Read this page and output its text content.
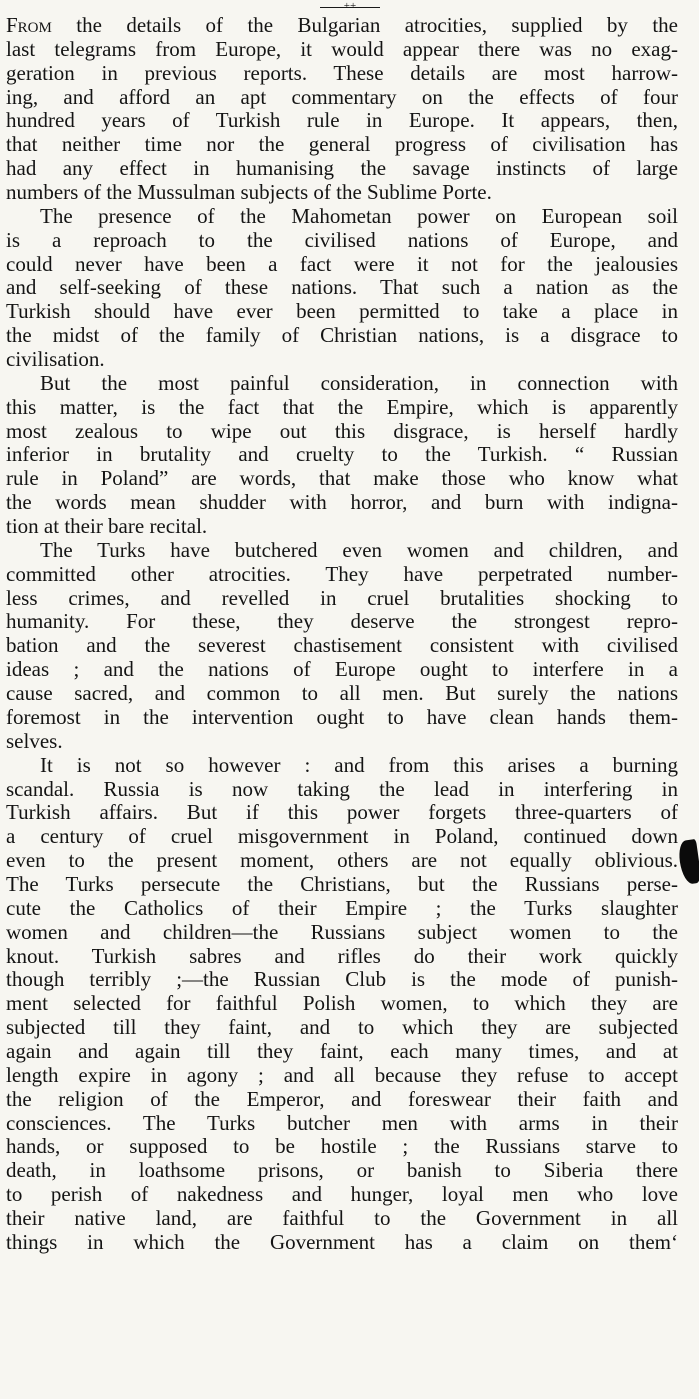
++
From the details of the Bulgarian atrocities, supplied by the
last telegrams from Europe, it would appear there was no exag-
geration in previous reports. These details are most harrow-
ing, and afford an apt commentary on the effects of four
hundred years of Turkish rule in Europe. It appears, then,
that neither time nor the general progress of civilisation has
had any effect in humanising the savage instincts of large
numbers of the Mussulman subjects of the Sublime Porte.
The presence of the Mahometan power on European soil
is a reproach to the civilised nations of Europe, and
could never have been a fact were it not for the jealousies
and self-seeking of these nations. That such a nation as the
Turkish should have ever been permitted to take a place in
the midst of the family of Christian nations, is a disgrace to
civilisation.
But the most painful consideration, in connection with
this matter, is the fact that the Empire, which is apparently
most zealous to wipe out this disgrace, is herself hardly
inferior in brutality and cruelty to the Turkish. “ Russian
rule in Poland” are words, that make those who know what
the words mean shudder with horror, and burn with indigna-
tion at their bare recital.
The Turks have butchered even women and children, and
committed other atrocities. They have perpetrated number-
less crimes, and revelled in cruel brutalities shocking to
humanity. For these, they deserve the strongest repro-
bation and the severest chastisement consistent with civilised
ideas ; and the nations of Europe ought to interfere in a
cause sacred, and common to all men. But surely the nations
foremost in the intervention ought to have clean hands them-
selves.
It is not so however : and from this arises a burning
scandal. Russia is now taking the lead in interfering in
Turkish affairs. But if this power forgets three-quarters of
a century of cruel misgovernment in Poland, continued down
even to the present moment, others are not equally oblivious.
The Turks persecute the Christians, but the Russians perse-
cute the Catholics of their Empire ; the Turks slaughter
women and children—the Russians subject women to the
knout. Turkish sabres and rifles do their work quickly
though terribly ;—the Russian Club is the mode of punish-
ment selected for faithful Polish women, to which they are
subjected till they faint, and to which they are subjected
again and again till they faint, each many times, and at
length expire in agony ; and all because they refuse to accept
the religion of the Emperor, and foreswear their faith and
consciences. The Turks butcher men with arms in their
hands, or supposed to be hostile ; the Russians starve to
death, in loathsome prisons, or banish to Siberia there
to perish of nakedness and hunger, loyal men who love
their native land, are faithful to the Government in all
things in which the Government has a claim on them‘
